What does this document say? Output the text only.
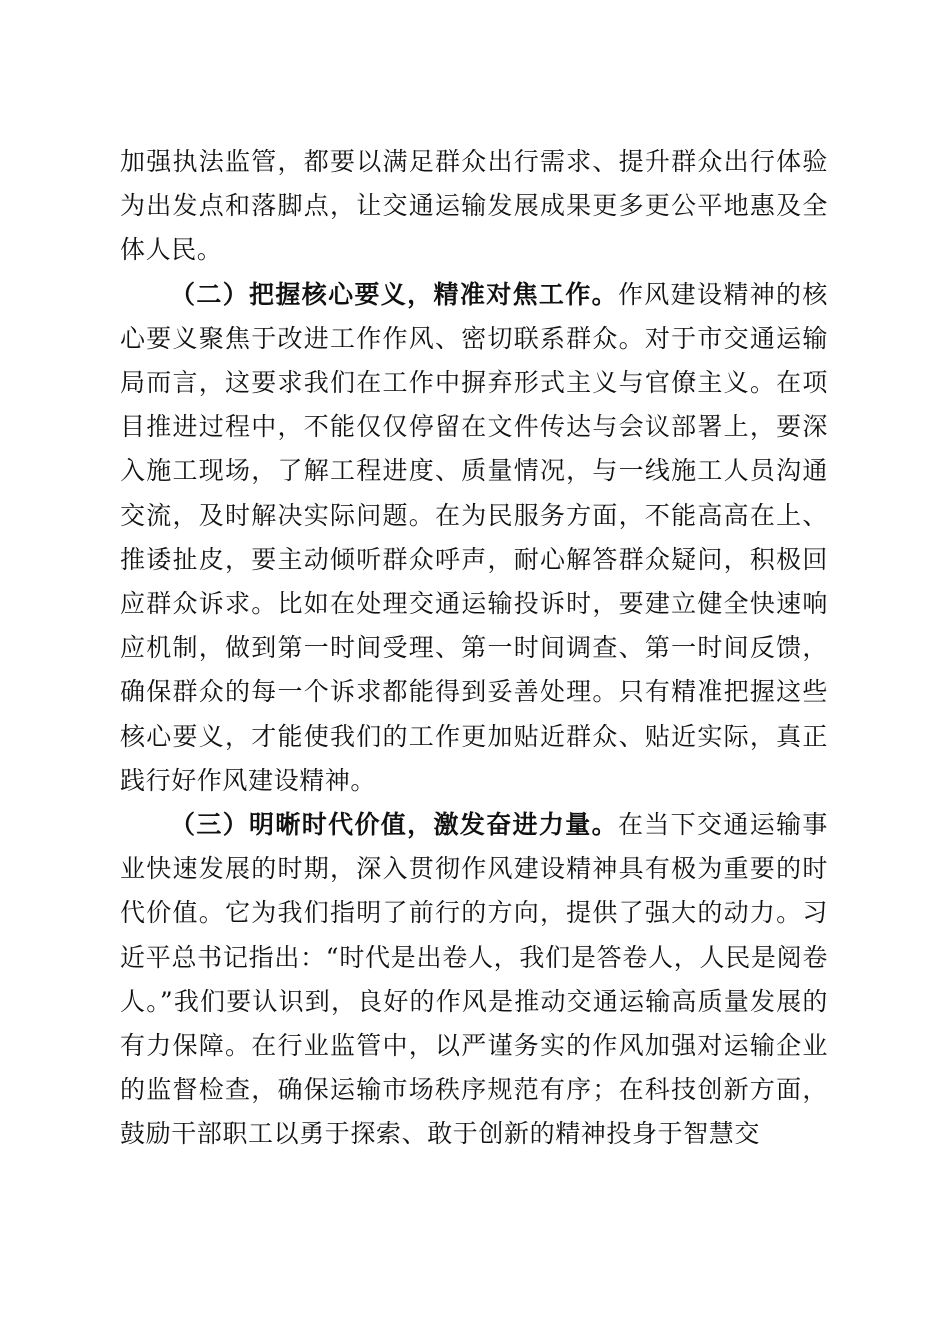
加强执法监管，都要以满足群众出行需求、提升群众出行体验为出发点和落脚点，让交通运输发展成果更多更公平地惠及全体人民。

（二）把握核心要义，精准对焦工作。作风建设精神的核心要义聚焦于改进工作作风、密切联系群众。对于市交通运输局而言，这要求我们在工作中摒弃形式主义与官僚主义。在项目推进过程中，不能仅仅停留在文件传达与会议部署上，要深入施工现场，了解工程进度、质量情况，与一线施工人员沟通交流，及时解决实际问题。在为民服务方面，不能高高在上、推诿扯皮，要主动倾听群众呼声，耐心解答群众疑问，积极回应群众诉求。比如在处理交通运输投诉时，要建立健全快速响应机制，做到第一时间受理、第一时间调查、第一时间反馈，确保群众的每一个诉求都能得到妥善处理。只有精准把握这些核心要义，才能使我们的工作更加贴近群众、贴近实际，真正践行好作风建设精神。

（三）明晰时代价值，激发奋进力量。在当下交通运输事业快速发展的时期，深入贯彻作风建设精神具有极为重要的时代价值。它为我们指明了前行的方向，提供了强大的动力。习近平总书记指出：“时代是出卷人，我们是答卷人，人民是阅卷人。”我们要认识到，良好的作风是推动交通运输高质量发展的有力保障。在行业监管中，以严谨务实的作风加强对运输企业的监督检查，确保运输市场秩序规范有序；在科技创新方面，鼓励干部职工以勇于探索、敢于创新的精神投身于智慧交
